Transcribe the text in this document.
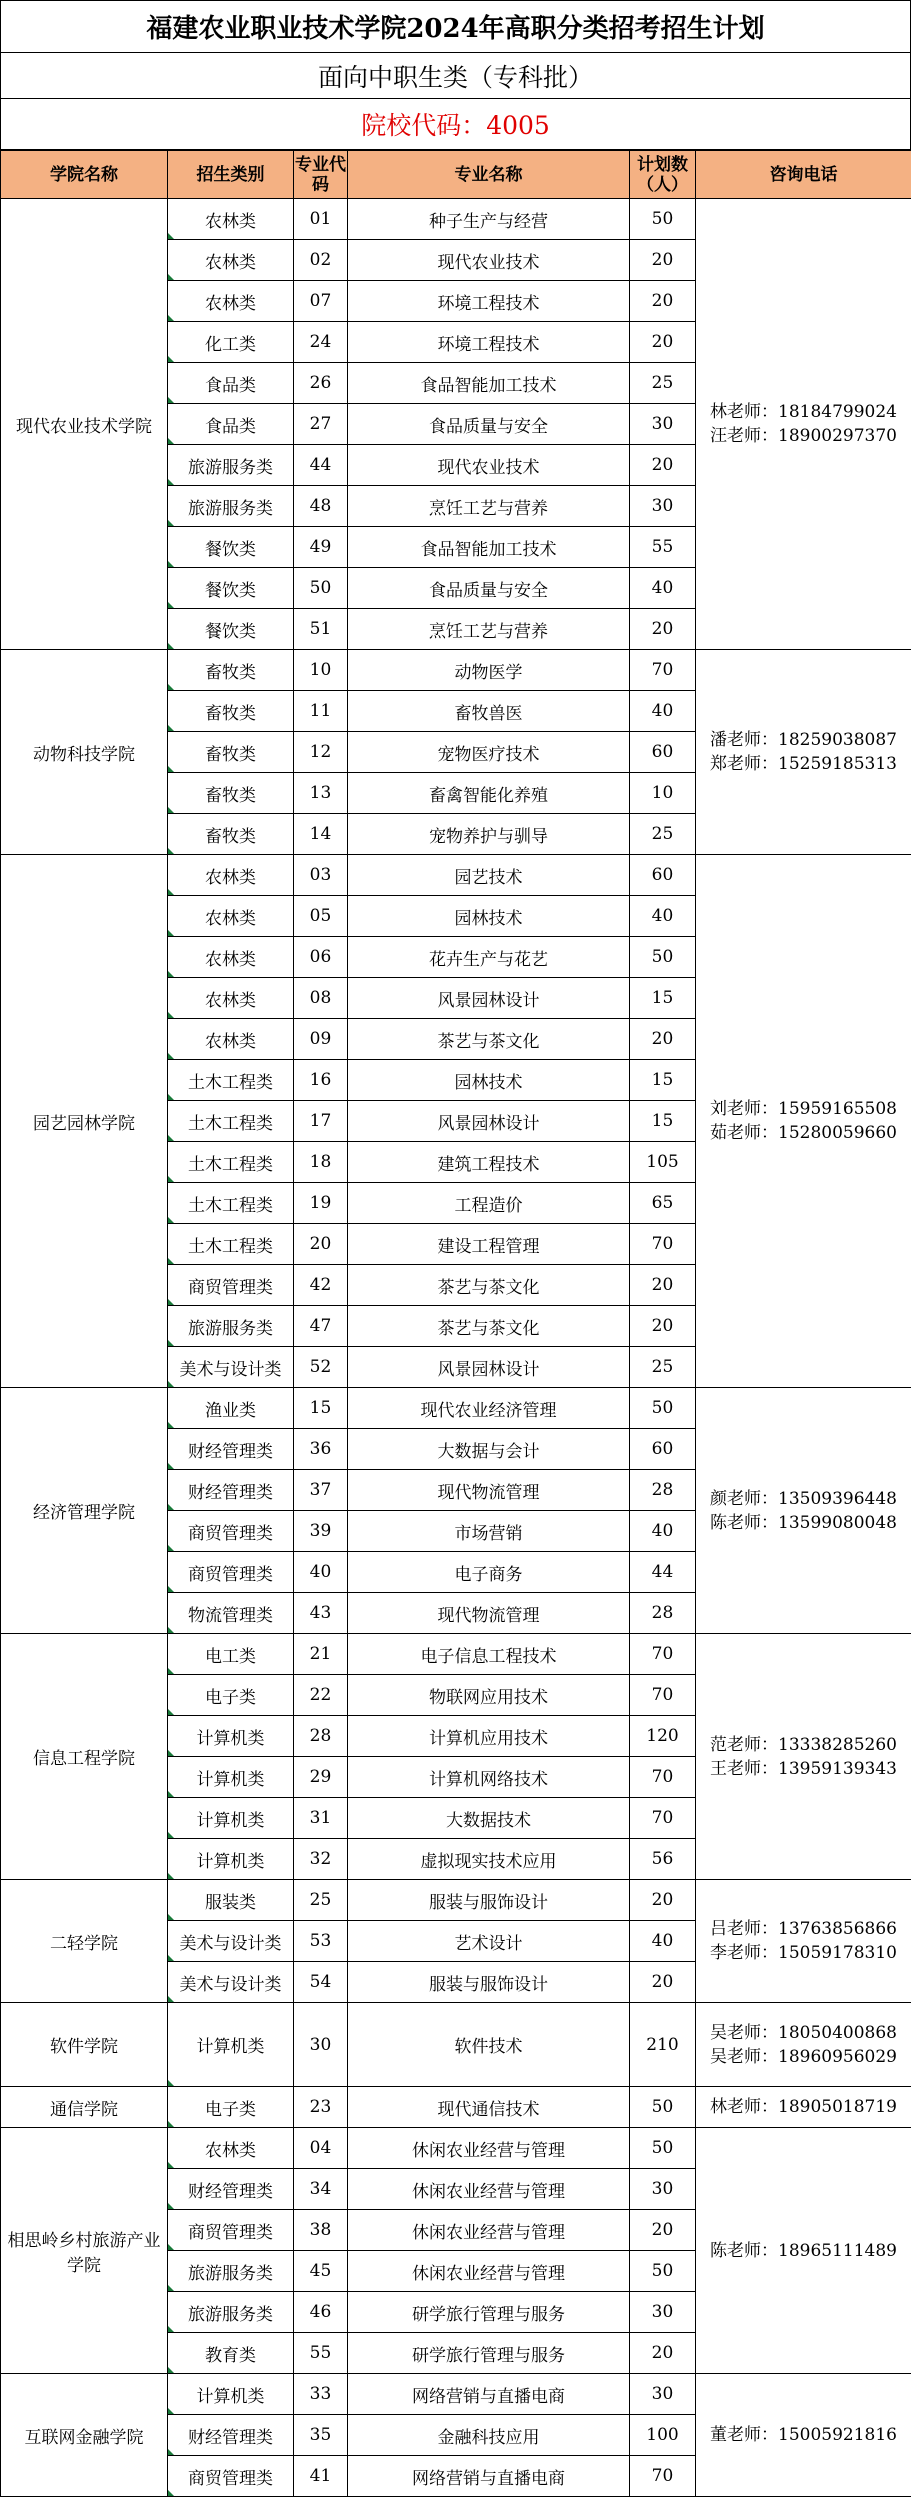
福建农业职业技术学院2024年高职分类招考招生计划
面向中职生类（专科批）
院校代码：4005
学院名称	招生类别	专业代码	专业名称	计划数（人）	咨询电话
现代农业技术学院	农林类	01	种子生产与经营	50	林老师：18184799024
汪老师：18900297370

	农林类	02	现代农业技术	20	
	农林类	07	环境工程技术	20	
	化工类	24	环境工程技术	20	
	食品类	26	食品智能加工技术	25	
	食品类	27	食品质量与安全	30	
	旅游服务类	44	现代农业技术	20	
	旅游服务类	48	烹饪工艺与营养	30	
	餐饮类	49	食品智能加工技术	55	
	餐饮类	50	食品质量与安全	40	
	餐饮类	51	烹饪工艺与营养	20	
动物科技学院	畜牧类	10	动物医学	70	潘老师：18259038087
郑老师：15259185313

	畜牧类	11	畜牧兽医	40	
	畜牧类	12	宠物医疗技术	60	
	畜牧类	13	畜禽智能化养殖	10	
	畜牧类	14	宠物养护与驯导	25	
园艺园林学院	农林类	03	园艺技术	60	刘老师：15959165508
茹老师：15280059660

	农林类	05	园林技术	40	
	农林类	06	花卉生产与花艺	50	
	农林类	08	风景园林设计	15	
	农林类	09	茶艺与茶文化	20	
	土木工程类	16	园林技术	15	
	土木工程类	17	风景园林设计	15	
	土木工程类	18	建筑工程技术	105	
	土木工程类	19	工程造价	65	
	土木工程类	20	建设工程管理	70	
	商贸管理类	42	茶艺与茶文化	20	
	旅游服务类	47	茶艺与茶文化	20	
	美术与设计类	52	风景园林设计	25	
经济管理学院	渔业类	15	现代农业经济管理	50	颜老师：13509396448
陈老师：13599080048

	财经管理类	36	大数据与会计	60	
	财经管理类	37	现代物流管理	28	
	商贸管理类	39	市场营销	40	
	商贸管理类	40	电子商务	44	
	物流管理类	43	现代物流管理	28	
信息工程学院	电工类	21	电子信息工程技术	70	范老师：13338285260
王老师：13959139343

	电子类	22	物联网应用技术	70	
	计算机类	28	计算机应用技术	120	
	计算机类	29	计算机网络技术	70	
	计算机类	31	大数据技术	70	
	计算机类	32	虚拟现实技术应用	56	
二轻学院	服装类	25	服装与服饰设计	20	吕老师：13763856866
李老师：15059178310

	美术与设计类	53	艺术设计	40	
	美术与设计类	54	服装与服饰设计	20	
软件学院	计算机类	30	软件技术	210	吴老师：18050400868
吴老师：18960956029

通信学院	电子类	23	现代通信技术	50	林老师：18905018719

相思岭乡村旅游产业学院	农林类	04	休闲农业经营与管理	50	陈老师：18965111489

	财经管理类	34	休闲农业经营与管理	30	
	商贸管理类	38	休闲农业经营与管理	20	
	旅游服务类	45	休闲农业经营与管理	50	
	旅游服务类	46	研学旅行管理与服务	30	
	教育类	55	研学旅行管理与服务	20	
互联网金融学院	计算机类	33	网络营销与直播电商	30	董老师：15005921816

	财经管理类	35	金融科技应用	100	
	商贸管理类	41	网络营销与直播电商	70	
